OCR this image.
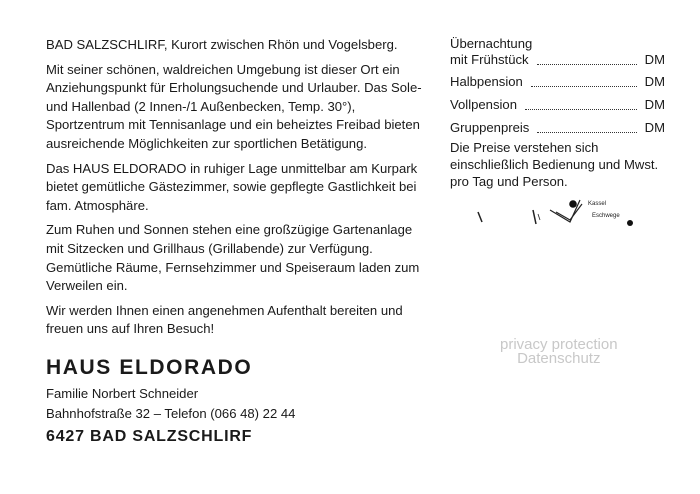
BAD SALZSCHLIRF, Kurort zwischen Rhön und Vogelsberg.

Mit seiner schönen, waldreichen Umgebung ist dieser Ort ein Anziehungspunkt für Erholungsuchende und Urlauber. Das Sole- und Hallenbad (2 Innen-/1 Außenbecken, Temp. 30°), Sportzentrum mit Tennisanlage und ein beheiztes Freibad bieten ausreichende Möglichkeiten zur sportlichen Betätigung.

Das HAUS ELDORADO in ruhiger Lage unmittelbar am Kurpark bietet gemütliche Gästezimmer, sowie gepflegte Gastlichkeit bei fam. Atmosphäre.

Zum Ruhen und Sonnen stehen eine großzügige Gartenanlage mit Sitzecken und Grillhaus (Grillabende) zur Verfügung. Gemütliche Räume, Fernsehzimmer und Speiseraum laden zum Verweilen ein.

Wir werden Ihnen einen angenehmen Aufenthalt bereiten und freuen uns auf Ihren Besuch!

HAUS ELDORADO
Familie Norbert Schneider
Bahnhofstraße 32 – Telefon (066 48) 22 44
6427 BAD SALZSCHLIRF
Übernachtung
mit Frühstück	DM
Halbpension	DM
Vollpension	DM
Gruppenpreis	DM
Die Preise verstehen sich einschließlich Bedienung und Mwst. pro Tag und Person.
Kassel
Eschwege
privacy protection
Datenschutz
